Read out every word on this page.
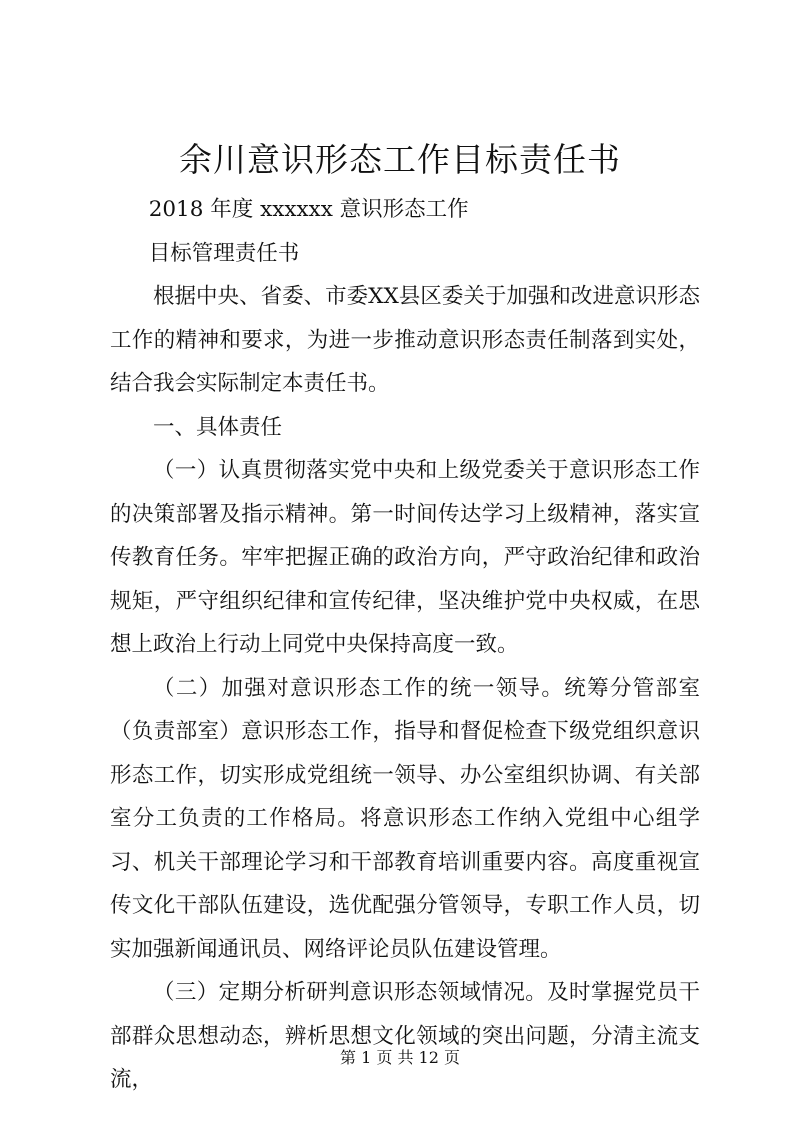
余川意识形态工作目标责任书

2018 年度 xxxxxx 意识形态工作

目标管理责任书

根据中央、省委、市委XX县区委关于加强和改进意识形态工作的精神和要求，为进一步推动意识形态责任制落到实处，结合我会实际制定本责任书。

一、具体责任

（一）认真贯彻落实党中央和上级党委关于意识形态工作的决策部署及指示精神。第一时间传达学习上级精神，落实宣传教育任务。牢牢把握正确的政治方向，严守政治纪律和政治规矩，严守组织纪律和宣传纪律，坚决维护党中央权威，在思想上政治上行动上同党中央保持高度一致。

（二）加强对意识形态工作的统一领导。统筹分管部室（负责部室）意识形态工作，指导和督促检查下级党组织意识形态工作，切实形成党组统一领导、办公室组织协调、有关部室分工负责的工作格局。将意识形态工作纳入党组中心组学习、机关干部理论学习和干部教育培训重要内容。高度重视宣传文化干部队伍建设，选优配强分管领导，专职工作人员，切实加强新闻通讯员、网络评论员队伍建设管理。

（三）定期分析研判意识形态领域情况。及时掌握党员干部群众思想动态，辨析思想文化领域的突出问题，分清主流支流，

第 1 页 共 12 页
